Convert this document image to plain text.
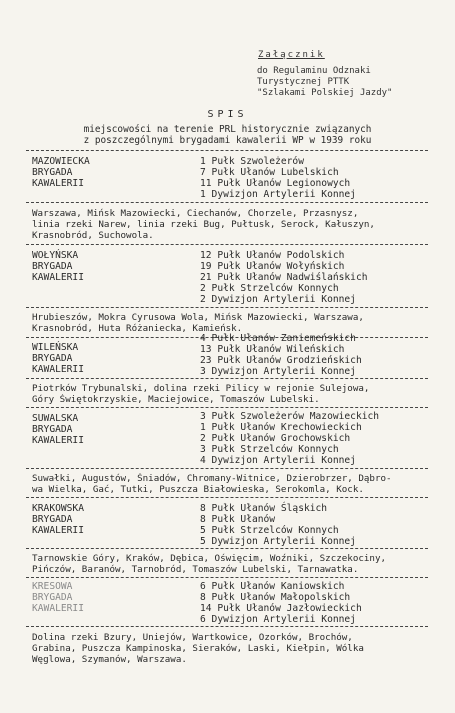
Załącznik
do Regulaminu Odznaki
Turystycznej PTTK
"Szlakami Polskiej Jazdy"
SPIS
miejscowości na terenie PRL historycznie związanych
z poszczególnymi brygadami kawalerii WP w 1939 roku
MAZOWIECKA
BRYGADA
KAWALERII
1 Pułk Szwoleżerów
7 Pułk Ułanów Lubelskich
11 Pułk Ułanów Legionowych
1 Dywizjon Artylerii Konnej
Warszawa, Mińsk Mazowiecki, Ciechanów, Chorzele, Przasnysz,
linia rzeki Narew, linia rzeki Bug, Pułtusk, Serock, Kałuszyn,
Krasnobród, Suchowola.
WOŁYŃSKA
BRYGADA
KAWALERII
12 Pułk Ułanów Podolskich
19 Pułk Ułanów Wołyńskich
21 Pułk Ułanów Nadwiślańskich
2 Pułk Strzelców Konnych
2 Dywizjon Artylerii Konnej
Hrubieszów, Mokra Cyrusowa Wola, Mińsk Mazowiecki, Warszawa,
Krasnobród, Huta Różaniecka, Kamieńsk.
WILEŃSKA
BRYGADA
KAWALERII
4 Pułk Ułanów Zaniemeńskich
13 Pułk Ułanów Wileńskich
23 Pułk Ułanów Grodzieńskich
3 Dywizjon Artylerii Konnej
Piotrków Trybunalski, dolina rzeki Pilicy w rejonie Sulejowa,
Góry Świętokrzyskie, Maciejowice, Tomaszów Lubelski.
SUWALSKA
BRYGADA
KAWALERII
3 Pułk Szwoleżerów Mazowieckich
1 Pułk Ułanów Krechowieckich
2 Pułk Ułanów Grochowskich
3 Pułk Strzelców Konnych
4 Dywizjon Artylerii Konnej
Suwałki, Augustów, Śniadów, Chromany-Witnice, Dzierobrzer, Dąbro-
wa Wielka, Gać, Tutki, Puszcza Białowieska, Serokomla, Kock.
KRAKOWSKA
BRYGADA
KAWALERII
8 Pułk Ułanów Śląskich
8 Pułk Ułanów
5 Pułk Strzelców Konnych
5 Dywizjon Artylerii Konnej
Tarnowskie Góry, Kraków, Dębica, Oświęcim, Woźniki, Szczekociny,
Pińczów, Baranów, Tarnobród, Tomaszów Lubelski, Tarnawatka.
KRESOWA
BRYGADA
KAWALERII
6 Pułk Ułanów Kaniowskich
8 Pułk Ułanów Małopolskich
14 Pułk Ułanów Jazłowieckich
6 Dywizjon Artylerii Konnej
Dolina rzeki Bzury, Uniejów, Wartkowice, Ozorków, Brochów,
Grabina, Puszcza Kampinoska, Sieraków, Laski, Kiełpin, Wólka
Węglowa, Szymanów, Warszawa.
